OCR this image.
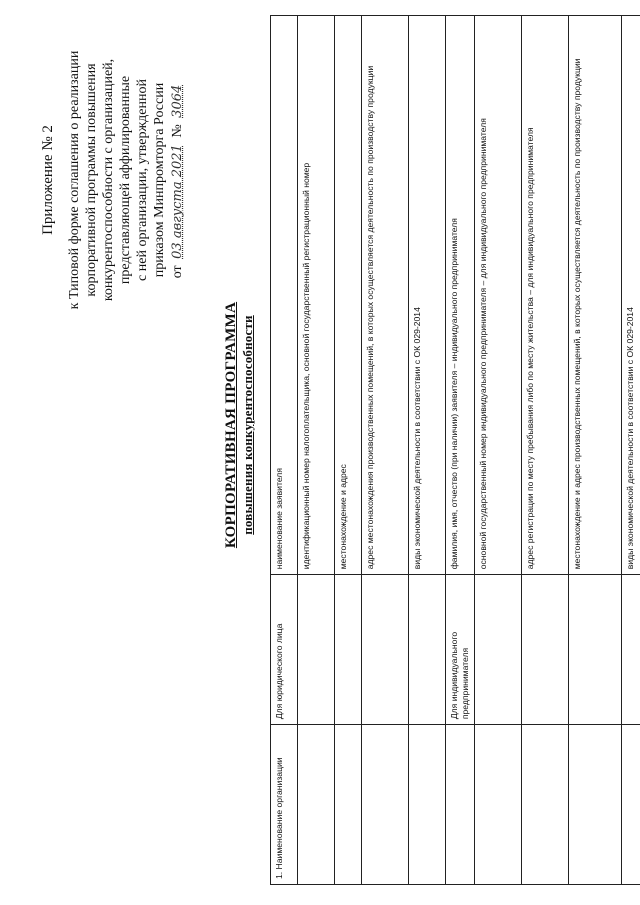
Приложение № 2 к Типовой форме соглашения о реализации корпоративной программы повышения конкурентоспособности с организацией, представляющей аффилированные с ней организации, утвержденной приказом Минпромторга России от 03 августа 2021 № 3064
КОРПОРАТИВНАЯ ПРОГРАММА повышения конкурентоспособности
1. Наименование организации	Для юридического лица	наименование заявителя
		идентификационный номер налогоплательщика, основной государственный регистрационный номер
		местонахождение и адрес
		адрес местонахождения производственных помещений, в которых осуществляется деятельность по производству продукции
		виды экономической деятельности в соответствии с ОК 029-2014
	Для индивидуального предпринимателя	фамилия, имя, отчество (при наличии) заявителя – индивидуального предпринимателя
		основной государственный номер индивидуального предпринимателя – для индивидуального предпринимателя
		адрес регистрации по месту пребывания либо по месту жительства – для индивидуального предпринимателя
		местонахождение и адрес производственных помещений, в которых осуществляется деятельность по производству продукции
		виды экономической деятельности в соответствии с ОК 029-2014
